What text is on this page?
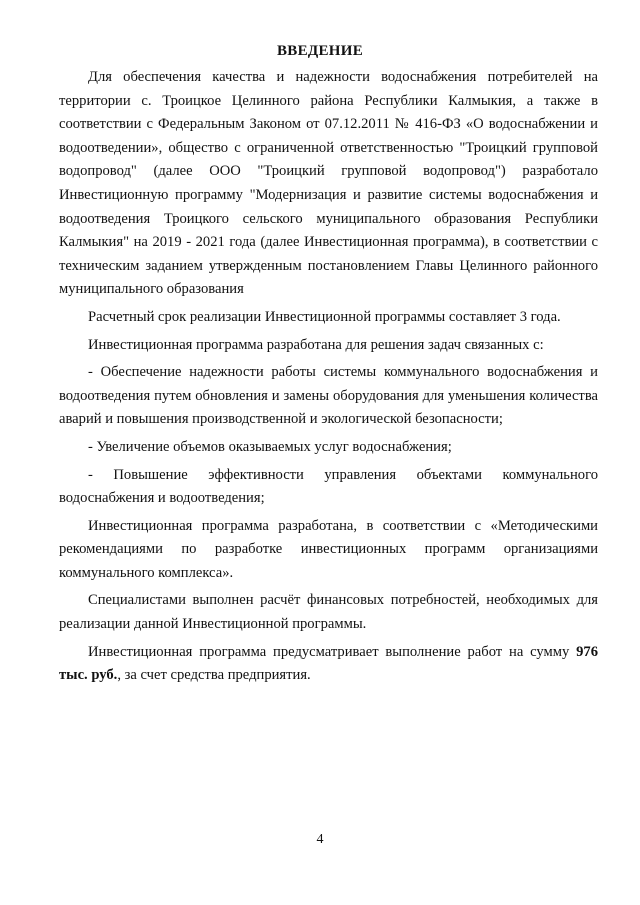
ВВЕДЕНИЕ
Для обеспечения качества и надежности водоснабжения потребителей на
территории с. Троицкое Целинного района Республики Калмыкия, а также в
соответствии с Федеральным Законом от 07.12.2011 № 416-ФЗ «О водоснабжении и
водоотведении», общество с ограниченной ответственностью "Троицкий групповой
водопровод" (далее ООО "Троицкий групповой водопровод") разработало
Инвестиционную программу "Модернизация и развитие системы водоснабжения и
водоотведения Троицкого сельского муниципального образования Республики
Калмыкия" на 2019 - 2021 года (далее Инвестиционная программа), в соответствии с
техническим заданием утвержденным постановлением Главы Целинного районного
муниципального образования
Расчетный срок реализации Инвестиционной программы составляет 3 года.
Инвестиционная программа разработана для решения задач связанных с:
- Обеспечение надежности работы системы коммунального водоснабжения и
водоотведения путем обновления и замены оборудования для уменьшения количества
аварий и повышения производственной и экологической безопасности;
- Увеличение объемов оказываемых услуг водоснабжения;
- Повышение эффективности управления объектами коммунального
водоснабжения и водоотведения;
Инвестиционная программа разработана, в соответствии с «Методическими
рекомендациями по разработке инвестиционных программ организациями
коммунального комплекса».
Специалистами выполнен расчёт финансовых потребностей, необходимых для
реализации данной Инвестиционной программы.
Инвестиционная программа предусматривает выполнение работ на сумму 976
тыс. руб., за счет средства предприятия.
4
